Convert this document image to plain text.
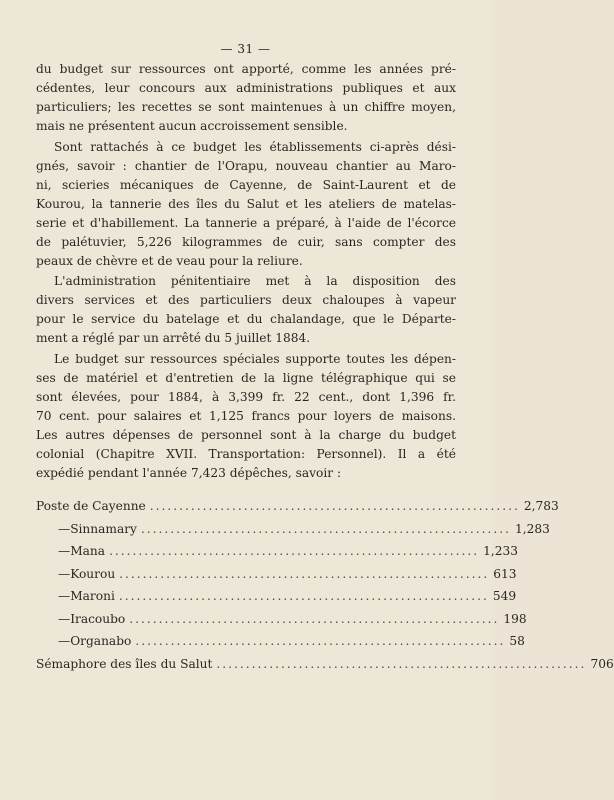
— 31 —
du budget sur ressources ont apporté, comme les années pré-
cédentes, leur concours aux administrations publiques et aux
particuliers; les recettes se sont maintenues à un chiffre moyen,
mais ne présentent aucun accroissement sensible.
Sont rattachés à ce budget les établissements ci-après dési-
gnés, savoir : chantier de l'Orapu, nouveau chantier au Maro-
ni, scieries mécaniques de Cayenne, de Saint-Laurent et de
Kourou, la tannerie des îles du Salut et les ateliers de matelas-
serie et d'habillement. La tannerie a préparé, à l'aide de l'écorce
de palétuvier, 5,226 kilogrammes de cuir, sans compter des
peaux de chèvre et de veau pour la reliure.
L'administration pénitentiaire met à la disposition des
divers services et des particuliers deux chaloupes à vapeur
pour le service du batelage et du chalandage, que le Départe-
ment a réglé par un arrêté du 5 juillet 1884.
Le budget sur ressources spéciales supporte toutes les dépen-
ses de matériel et d'entretien de la ligne télégraphique qui se
sont élevées, pour 1884, à 3,399 fr. 22 cent., dont 1,396 fr.
70 cent. pour salaires et 1,125 francs pour loyers de maisons.
Les autres dépenses de personnel sont à la charge du budget
colonial (Chapitre XVII. Transportation: Personnel). Il a été
expédié pendant l'année 7,423 dépêches, savoir :
Poste de Cayenne ............................................................... 2,783
— Sinnamary ............................................................... 1,283
— Mana ............................................................... 1,233
— Kourou ............................................................... 613
— Maroni ............................................................... 549
— Iracoubo ............................................................... 198
— Organabo ............................................................... 58
Sémaphore des îles du Salut ............................................................... 706
